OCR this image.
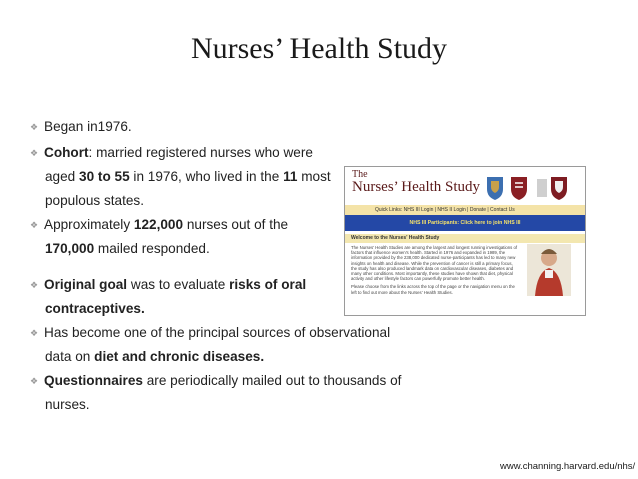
Nurses’ Health Study
❖ Began in1976.
❖ Cohort: married registered nurses who were
aged 30 to 55 in 1976, who lived in the 11 most
populous states.
❖ Approximately 122,000 nurses out of the
170,000 mailed responded.
❖ Original goal was to evaluate risks of oral
contraceptives.
❖ Has become one of the principal sources of observational
data on diet and chronic diseases.
❖ Questionnaires are periodically mailed out to thousands of
nurses.
The
Nurses’ Health Study
Quick Links: NHS III Login | NHS II Login | Donate | Contact Us
NHS III Participants: Click here to join NHS III
Welcome to the Nurses' Health Study

The Nurses' Health Studies are among the largest and longest running investigations of factors that influence women's health. Started in 1976 and expanded in 1989, the information provided by the 238,000 dedicated nurse-participants has led to many new insights on health and disease. While the prevention of cancer is still a primary focus, the study has also produced landmark data on cardiovascular diseases, diabetes and many other conditions. Most importantly, these studies have shown that diet, physical activity and other lifestyle factors can powerfully promote better health.

Please choose from the links across the top of the page or the navigation menu on the left to find out more about the Nurses' Health Studies.

www.channing.harvard.edu/nhs/
